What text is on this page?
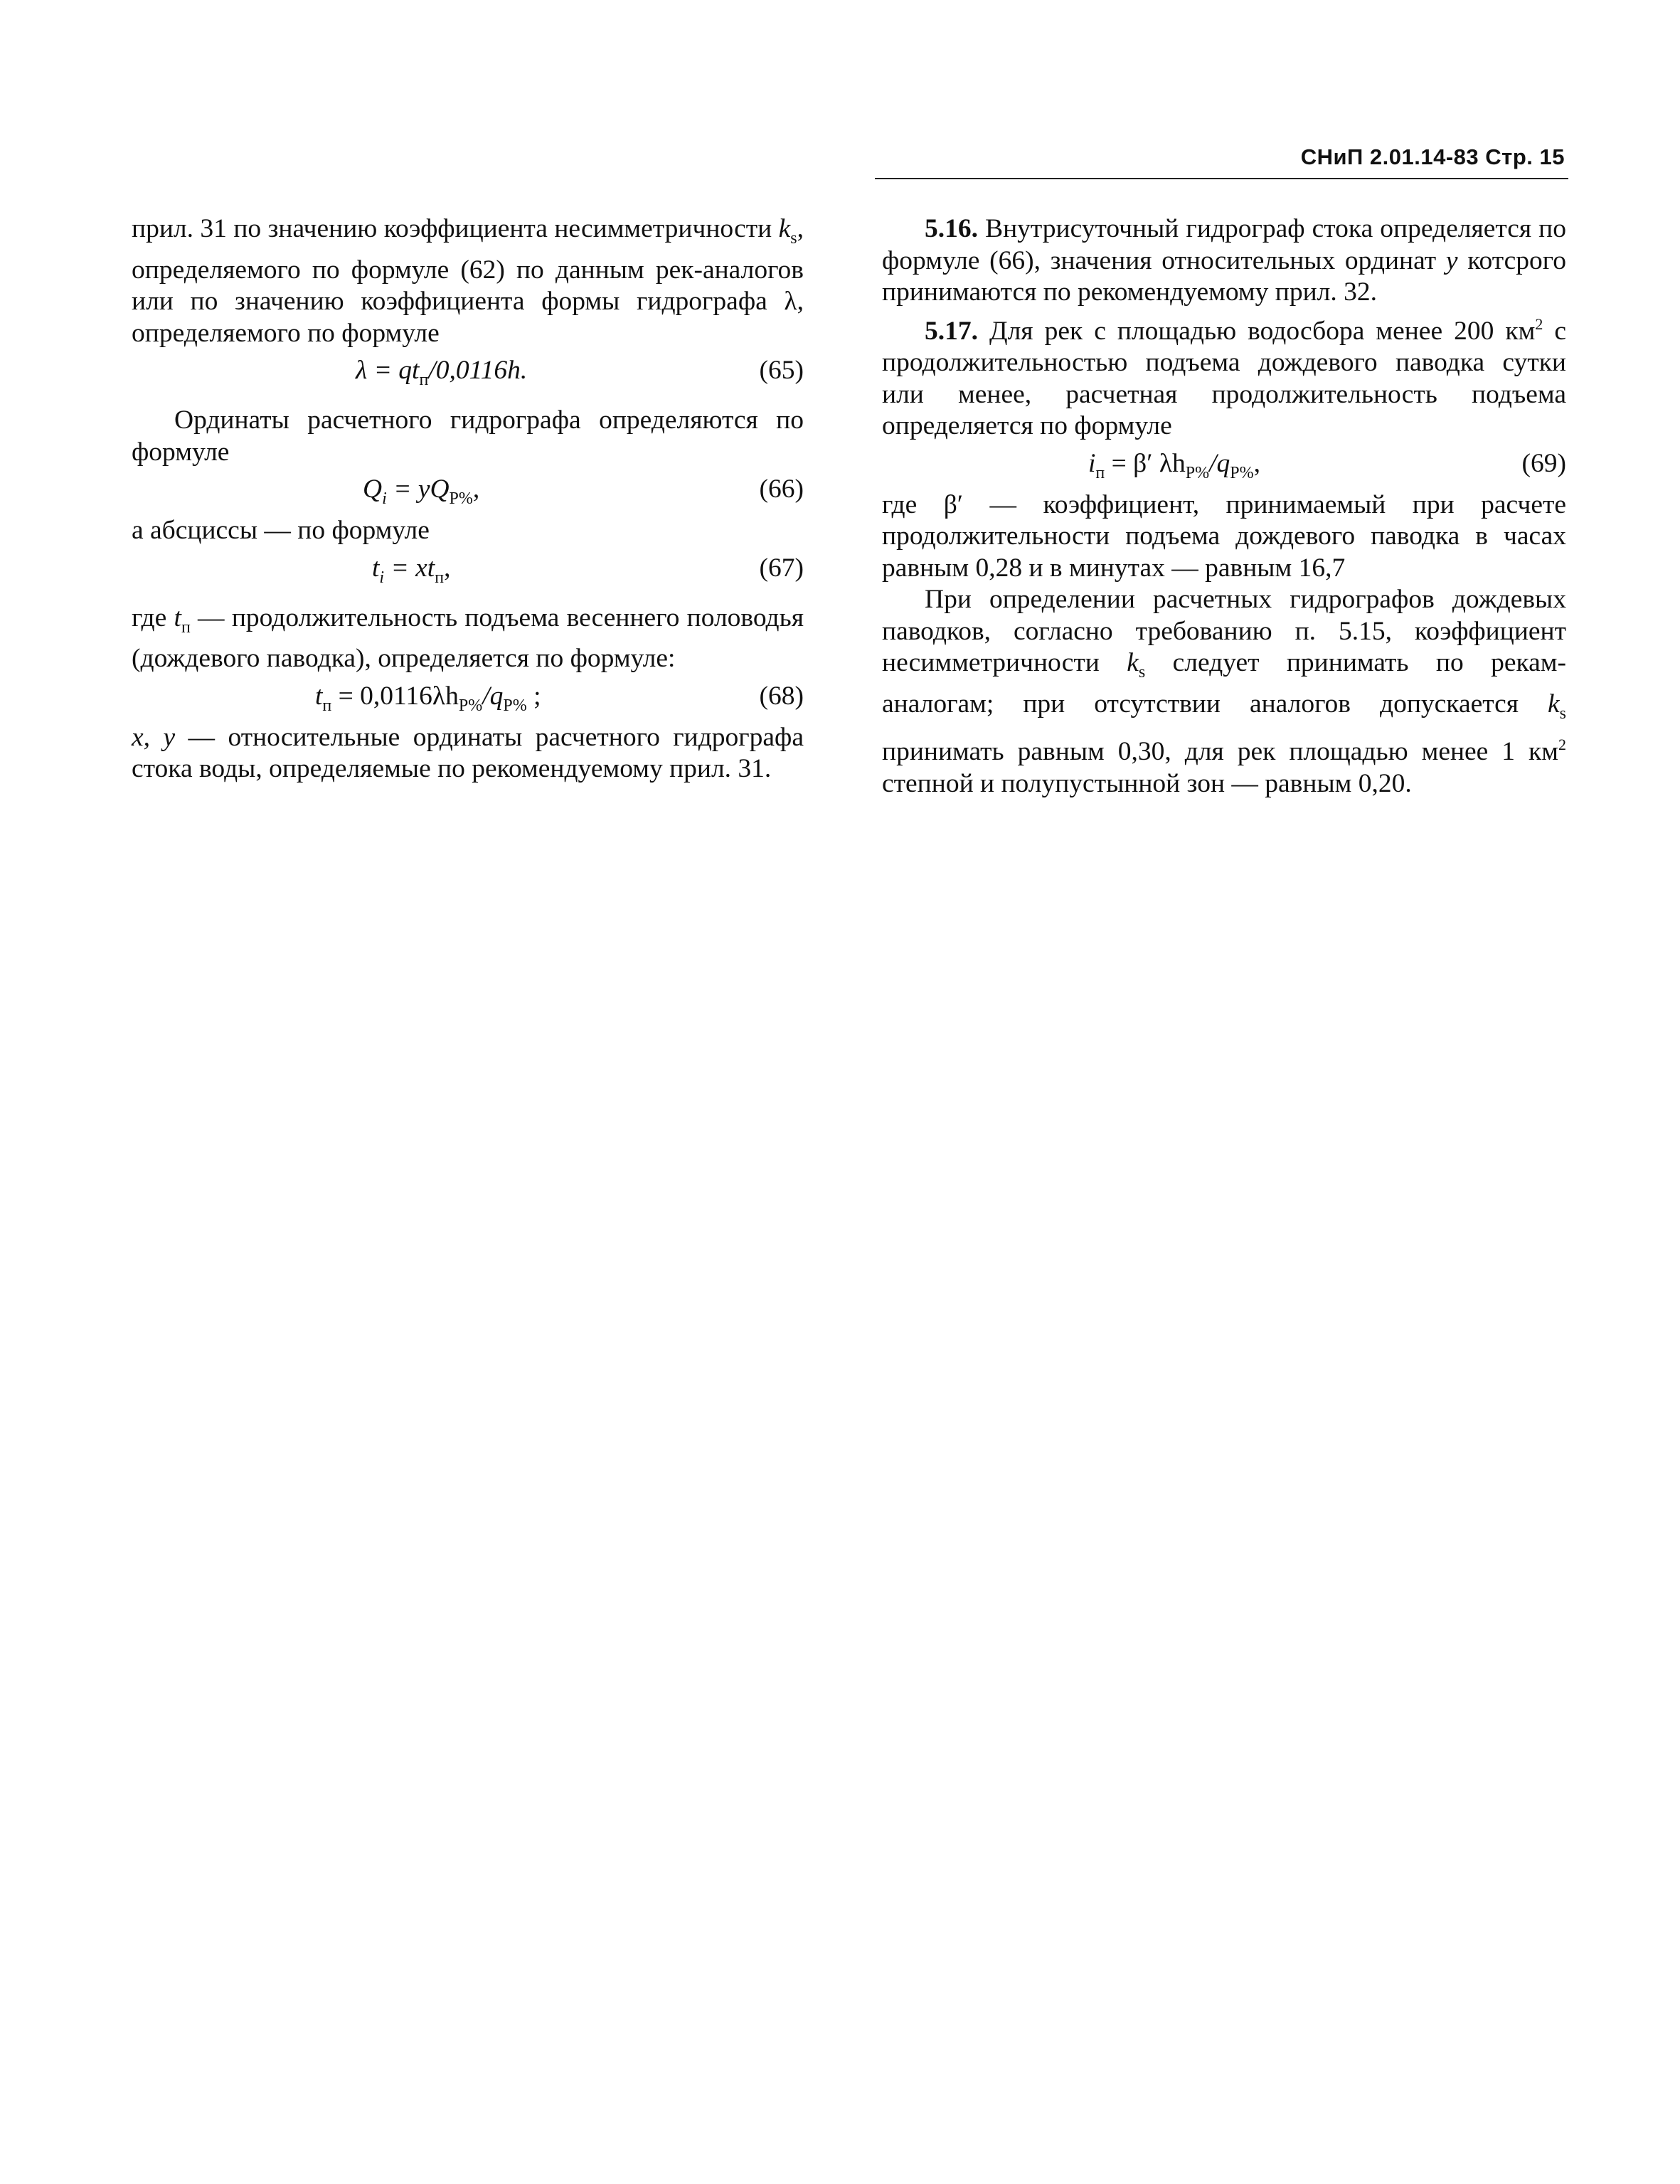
СНиП 2.01.14-83 Стр. 15

прил. 31 по значению коэффициента несимметричности $k_s$, определяемого по формуле (62) по данным рек-аналогов или по значению коэффициента формы гидрографа λ, определяемого по формуле

$\lambda = qt_п/0,0116h$.	(65)

Ординаты расчетного гидрографа определяются по формуле

$Q_i = yQ_{P\%}$,	(66)

а абсциссы — по формуле

$t_i = xt_п$,	(67)

где $t_п$ — продолжительность подъема весеннего половодья (дождевого паводка), определяется по формуле:

$t_п = 0,0116\lambda h_{P\%}/q_{P\%}$ ;	(68)

x, y — относительные ординаты расчетного гидрографа стока воды, определяемые по рекомендуемому прил. 31.

5.16. Внутрисуточный гидрограф стока определяется по формуле (66), значения относительных ординат y котсрого принимаются по рекомендуемому прил. 32.

5.17. Для рек с площадью водосбора менее 200 $км^2$ с продолжительностью подъема дождевого паводка сутки или менее, расчетная продолжительность подъема определяется по формуле

$i_п = \beta'$ $\lambda h_{P\%}/q_{P\%}$,	(69)

где β′ — коэффициент, принимаемый при расчете продолжительности подъема дождевого паводка в часах равным 0,28 и в минутах — равным 16,7

При определении расчетных гидрографов дождевых паводков, согласно требованию п. 5.15, коэффициент несимметричности $k_s$ следует принимать по рекам-аналогам; при отсутствии аналогов допускается $k_s$ принимать равным 0,30, для рек площадью менее 1 $км^2$ степной и полупустынной зон — равным 0,20.
